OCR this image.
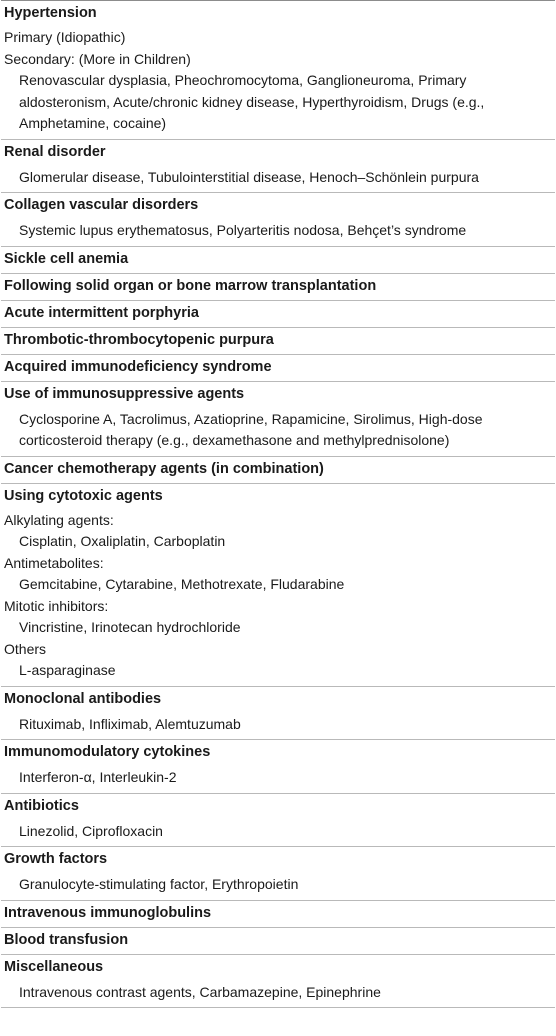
Hypertension
Primary (Idiopathic)
Secondary: (More in Children)
Renovascular dysplasia, Pheochromocytoma, Ganglioneuroma, Primary aldosteronism, Acute/chronic kidney disease, Hyperthyroidism, Drugs (e.g., Amphetamine, cocaine)
Renal disorder
Glomerular disease, Tubulointerstitial disease, Henoch–Schönlein purpura
Collagen vascular disorders
Systemic lupus erythematosus, Polyarteritis nodosa, Behçet’s syndrome
Sickle cell anemia
Following solid organ or bone marrow transplantation
Acute intermittent porphyria
Thrombotic-thrombocytopenic purpura
Acquired immunodeficiency syndrome
Use of immunosuppressive agents
Cyclosporine A, Tacrolimus, Azatioprine, Rapamicine, Sirolimus, High-dose corticosteroid therapy (e.g., dexamethasone and methylprednisolone)
Cancer chemotherapy agents (in combination)
Using cytotoxic agents
Alkylating agents:
Cisplatin, Oxaliplatin, Carboplatin
Antimetabolites:
Gemcitabine, Cytarabine, Methotrexate, Fludarabine
Mitotic inhibitors:
Vincristine, Irinotecan hydrochloride
Others
L-asparaginase
Monoclonal antibodies
Rituximab, Infliximab, Alemtuzumab
Immunomodulatory cytokines
Interferon-α, Interleukin-2
Antibiotics
Linezolid, Ciprofloxacin
Growth factors
Granulocyte-stimulating factor, Erythropoietin
Intravenous immunoglobulins
Blood transfusion
Miscellaneous
Intravenous contrast agents, Carbamazepine, Epinephrine
